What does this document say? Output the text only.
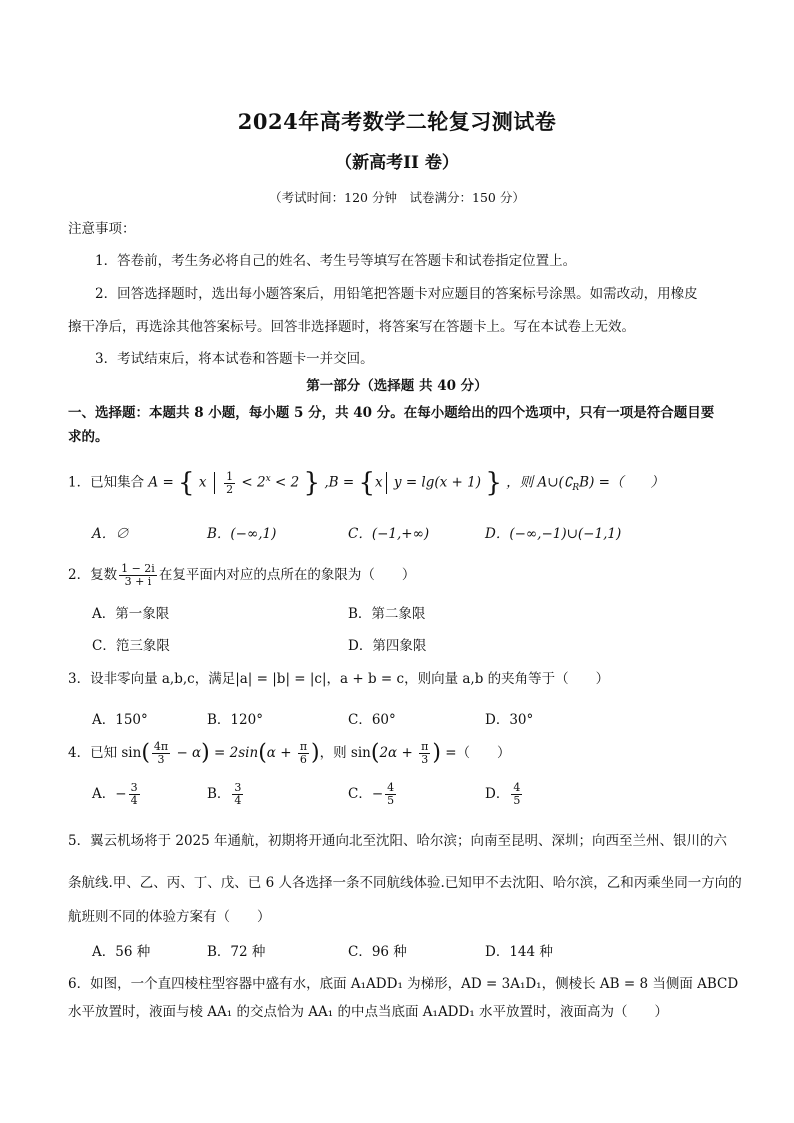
2024年高考数学二轮复习测试卷
（新高考II 卷）
（考试时间：120 分钟　试卷满分：150 分）
注意事项：
1．答卷前，考生务必将自己的姓名、考生号等填写在答题卡和试卷指定位置上。
2．回答选择题时，选出每小题答案后，用铅笔把答题卡对应题目的答案标号涂黑。如需改动，用橡皮
擦干净后，再选涂其他答案标号。回答非选择题时，将答案写在答题卡上。写在本试卷上无效。
3．考试结束后，将本试卷和答题卡一并交回。
第一部分（选择题 共 40 分）
一、选择题：本题共 8 小题，每小题 5 分，共 40 分。在每小题给出的四个选项中，只有一项是符合题目要
求的。
1．已知集合 A = { x $\frac{1}{2} < 2^x < 2$ } ,B = {x y = lg(x + 1) } ，则 $A\cup(∁_RB)$ =（　　）
A．∅	B．(−∞,1)	C．(−1,+∞)	D．(−∞,−1)∪(−1,1)
2．复数 $\frac{1 - 2i}{3 + i}$ 在复平面内对应的点所在的象限为（　　）
A．第一象限	B．第二象限
C．笵三象限	D．第四象限
3．设非零向量 a,b,c，满足|a| = |b| = |c|，a + b = c，则向量 a,b 的夹角等于（　　）
A．150°	B．120°	C．60°	D．30°
4．已知 $\sin( \frac{4\pi}{3} - \alpha) = 2\sin(\alpha + \frac{\pi}{6}$ )，则 $\sin(2\alpha + \frac{\pi}{3}$ ) =（　　）
A．− $\frac{3}{4}$	B． $\frac{3}{4}$	C．− $\frac{4}{5}$	D． $\frac{4}{5}$
5．翼云机场将于 2025 年通航，初期将开通向北至沈阳、哈尔滨；向南至昆明、深圳；向西至兰州、银川的六
条航线.甲、乙、丙、丁、戊、已 6 人各选择一条不同航线体验.已知甲不去沈阳、哈尔滨，乙和丙乘坐同一方向的
航班则不同的体验方案有（　　）
A．56 种	B．72 种	C．96 种	D．144 种
6．如图，一个直四棱柱型容器中盛有水，底面 A₁ADD₁ 为梯形，AD = 3A₁D₁，侧棱长 AB = 8 当侧面 ABCD
水平放置时，液面与棱 AA₁ 的交点恰为 AA₁ 的中点当底面 A₁ADD₁ 水平放置时，液面高为（　　）
